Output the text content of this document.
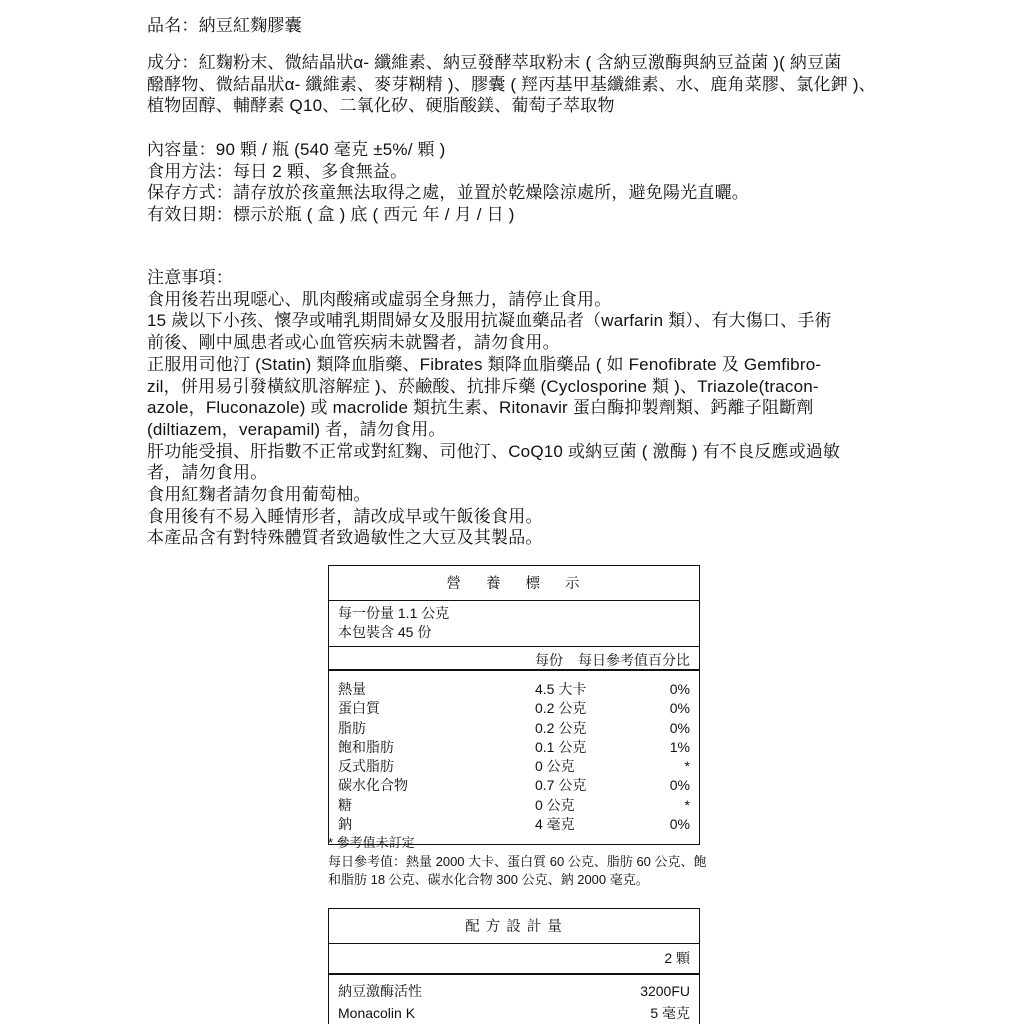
品名：納豆紅麴膠囊
成分：紅麴粉末、微結晶狀α- 纖維素、納豆發酵萃取粉末 ( 含納豆激酶與納豆益菌 )( 納豆菌
醱酵物、微結晶狀α- 纖維素、麥芽糊精 )、膠囊 ( 羥丙基甲基纖維素、水、鹿角菜膠、氯化鉀 )、
植物固醇、輔酵素 Q10、二氧化矽、硬脂酸鎂、葡萄子萃取物
內容量：90 顆 / 瓶 (540 毫克 ±5%/ 顆 )
食用方法：每日 2 顆、多食無益。
保存方式：請存放於孩童無法取得之處，並置於乾燥陰涼處所，避免陽光直曬。
有效日期：標示於瓶 ( 盒 ) 底 ( 西元 年 / 月 / 日 )
注意事項：
食用後若出現噁心、肌肉酸痛或虛弱全身無力，請停止食用。
15 歲以下小孩、懷孕或哺乳期間婦女及服用抗凝血藥品者（warfarin 類）、有大傷口、手術
前後、剛中風患者或心血管疾病未就醫者，請勿食用。
正服用司他汀 (Statin) 類降血脂藥、Fibrates 類降血脂藥品 ( 如 Fenofibrate 及 Gemfibro-
zil，併用易引發橫紋肌溶解症 )、菸鹼酸、抗排斥藥 (Cyclosporine 類 )、Triazole(tracon-
azole，Fluconazole) 或 macrolide 類抗生素、Ritonavir 蛋白酶抑製劑類、鈣離子阻斷劑
(diltiazem，verapamil) 者，請勿食用。
肝功能受損、肝指數不正常或對紅麴、司他汀、CoQ10 或納豆菌 ( 激酶 ) 有不良反應或過敏
者，請勿食用。
食用紅麴者請勿食用葡萄柚。
食用後有不易入睡情形者，請改成早或午飯後食用。
本產品含有對特殊體質者致過敏性之大豆及其製品。
營 養 標 示
每一份量 1.1 公克
本包裝含 45 份
每份 每日參考值百分比
熱量	4.5 大卡	0%
蛋白質	0.2 公克	0%
脂肪	0.2 公克	0%
飽和脂肪	0.1 公克	1%
反式脂肪	0 公克	*
碳水化合物	0.7 公克	0%
糖	0 公克	*
鈉	4 毫克	0%
* 參考值未訂定
每日參考值：熱量 2000 大卡、蛋白質 60 公克、脂肪 60 公克、飽
和脂肪 18 公克、碳水化合物 300 公克、鈉 2000 毫克。
配 方 設 計 量
2 顆
納豆激酶活性	3200FU
Monacolin K	5 毫克
